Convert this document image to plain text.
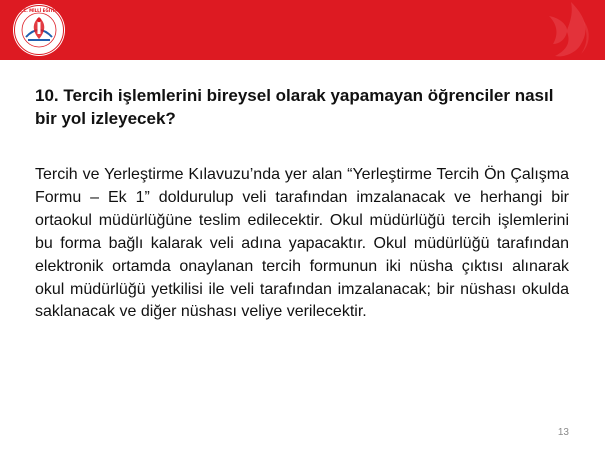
T.C. MİLLÎ EĞİTİM

10. Tercih işlemlerini bireysel olarak yapamayan öğrenciler nasıl bir yol izleyecek?

Tercih ve Yerleştirme Kılavuzu’nda yer alan “Yerleştirme Tercih Ön Çalışma Formu – Ek 1” doldurulup veli tarafından imzalanacak ve herhangi bir ortaokul müdürlüğüne teslim edilecektir. Okul müdürlüğü tercih işlemlerini bu forma bağlı kalarak veli adına yapacaktır. Okul müdürlüğü tarafından elektronik ortamda onaylanan tercih formunun iki nüsha çıktısı alınarak okul müdürlüğü yetkilisi ile veli tarafından imzalanacak; bir nüshası okulda saklanacak ve diğer nüshası veliye verilecektir.

13
